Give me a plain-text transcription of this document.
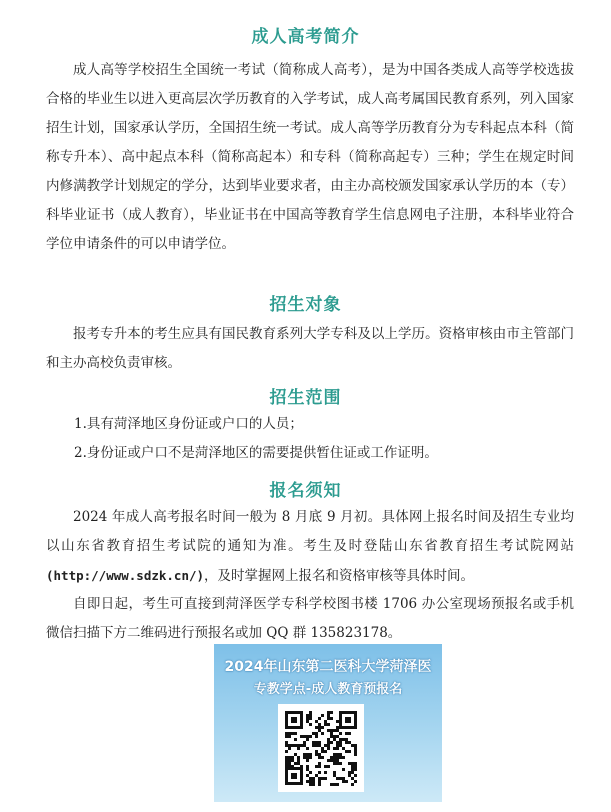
成人高考简介

成人高等学校招生全国统一考试（简称成人高考），是为中国各类成人高等学校选拔合格的毕业生以进入更高层次学历教育的入学考试，成人高考属国民教育系列，列入国家招生计划，国家承认学历，全国招生统一考试。成人高等学历教育分为专科起点本科（简称专升本）、高中起点本科（简称高起本）和专科（简称高起专）三种；学生在规定时间内修满教学计划规定的学分，达到毕业要求者，由主办高校颁发国家承认学历的本（专）科毕业证书（成人教育），毕业证书在中国高等教育学生信息网电子注册，本科毕业符合学位申请条件的可以申请学位。

招生对象

报考专升本的考生应具有国民教育系列大学专科及以上学历。资格审核由市主管部门和主办高校负责审核。

招生范围

1.具有菏泽地区身份证或户口的人员；

2.身份证或户口不是菏泽地区的需要提供暂住证或工作证明。

报名须知

2024 年成人高考报名时间一般为 8 月底 9 月初。具体网上报名时间及招生专业均以山东省教育招生考试院的通知为准。考生及时登陆山东省教育招生考试院网站(http://www.sdzk.cn/)，及时掌握网上报名和资格审核等具体时间。

自即日起，考生可直接到菏泽医学专科学校图书楼 1706 办公室现场预报名或手机微信扫描下方二维码进行预报名或加 QQ 群 135823178。

2024年山东第二医科大学菏泽医
专教学点-成人教育预报名
